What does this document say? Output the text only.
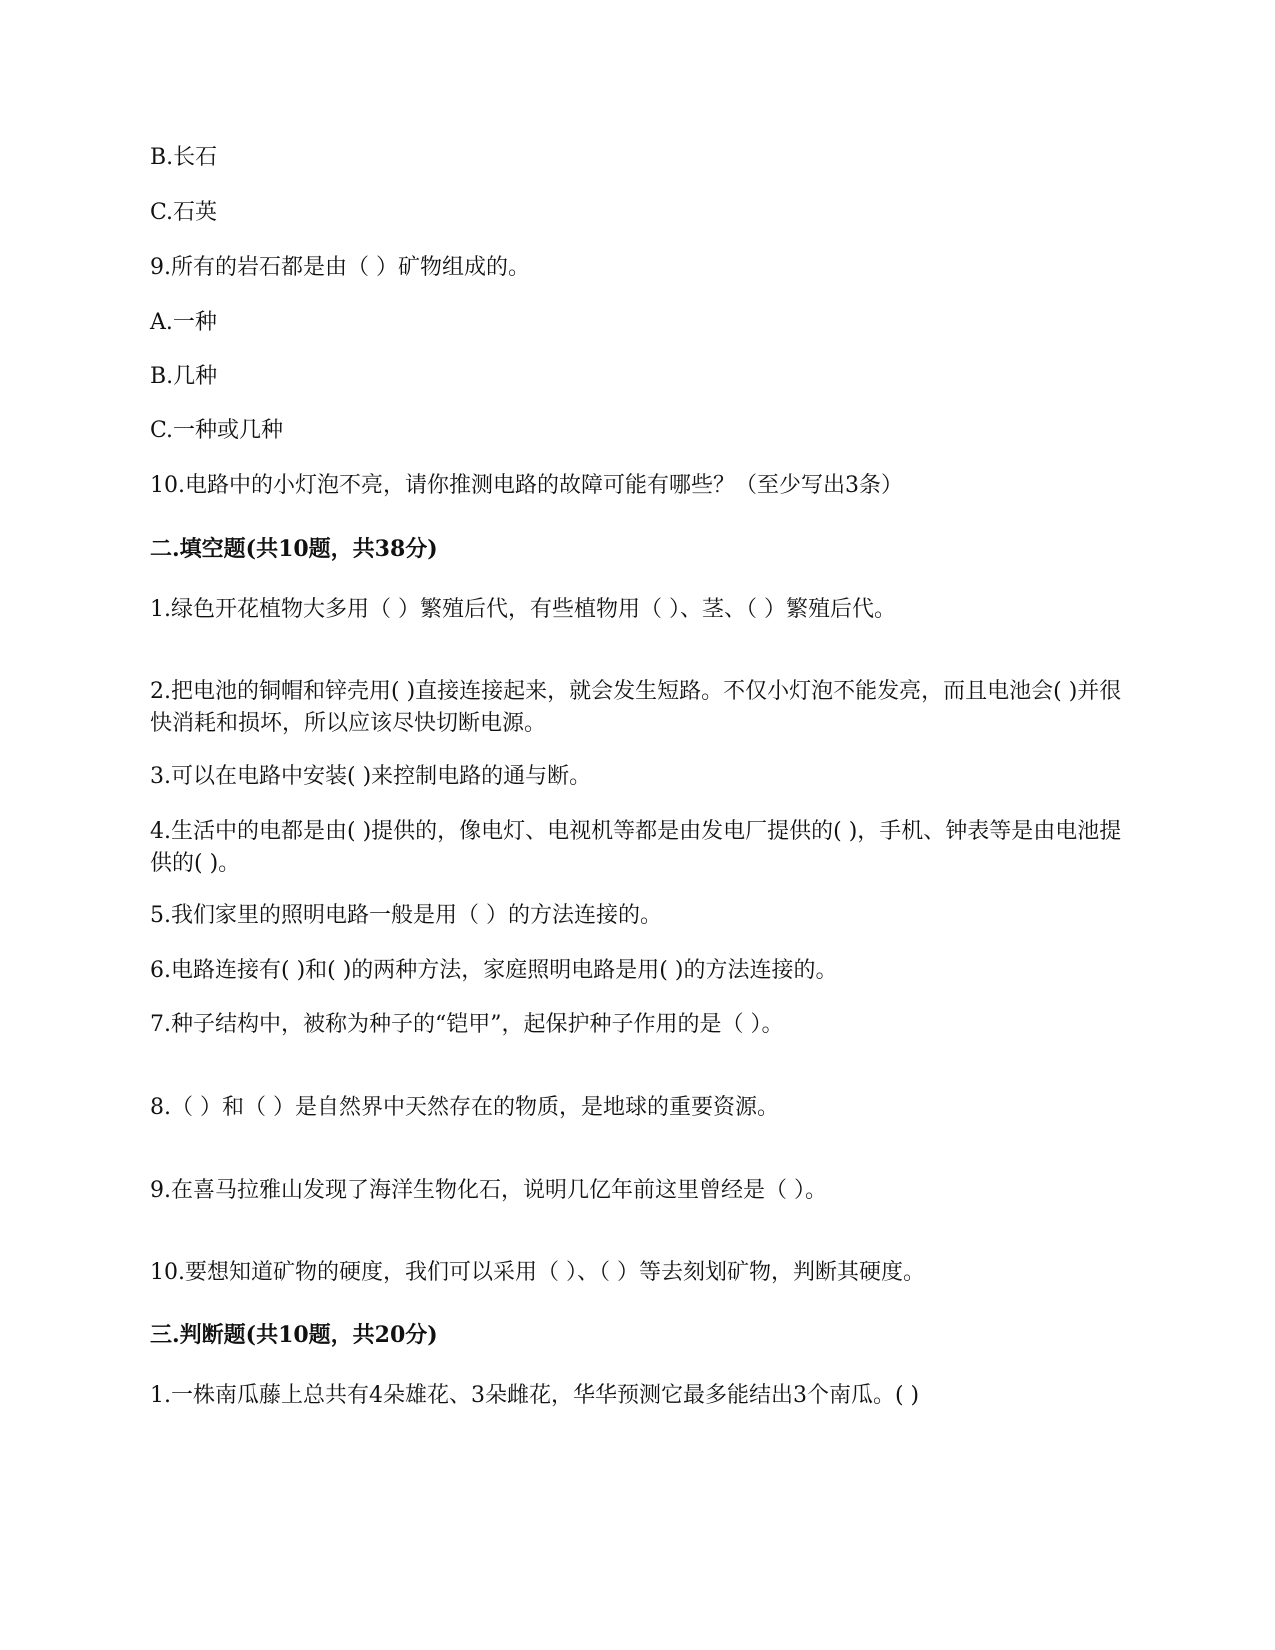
B.长石
C.石英
9.所有的岩石都是由（ ）矿物组成的。
A.一种
B.几种
C.一种或几种
10.电路中的小灯泡不亮，请你推测电路的故障可能有哪些？（至少写出3条）
二.填空题(共10题，共38分)
1.绿色开花植物大多用（ ）繁殖后代，有些植物用（ ）、茎、（ ）繁殖后代。
2.把电池的铜帽和锌壳用( )直接连接起来，就会发生短路。不仅小灯泡不能发亮，而且电池会( )并很快消耗和损坏，所以应该尽快切断电源。
3.可以在电路中安装( )来控制电路的通与断。
4.生活中的电都是由( )提供的，像电灯、电视机等都是由发电厂提供的( )，手机、钟表等是由电池提供的( )。
5.我们家里的照明电路一般是用（ ）的方法连接的。
6.电路连接有( )和( )的两种方法，家庭照明电路是用( )的方法连接的。
7.种子结构中，被称为种子的“铠甲”，起保护种子作用的是（ ）。
8.（ ）和（ ）是自然界中天然存在的物质，是地球的重要资源。
9.在喜马拉雅山发现了海洋生物化石，说明几亿年前这里曾经是（ ）。
10.要想知道矿物的硬度，我们可以采用（ ）、（ ）等去刻划矿物，判断其硬度。
三.判断题(共10题，共20分)
1.一株南瓜藤上总共有4朵雄花、3朵雌花，华华预测它最多能结出3个南瓜。( )
